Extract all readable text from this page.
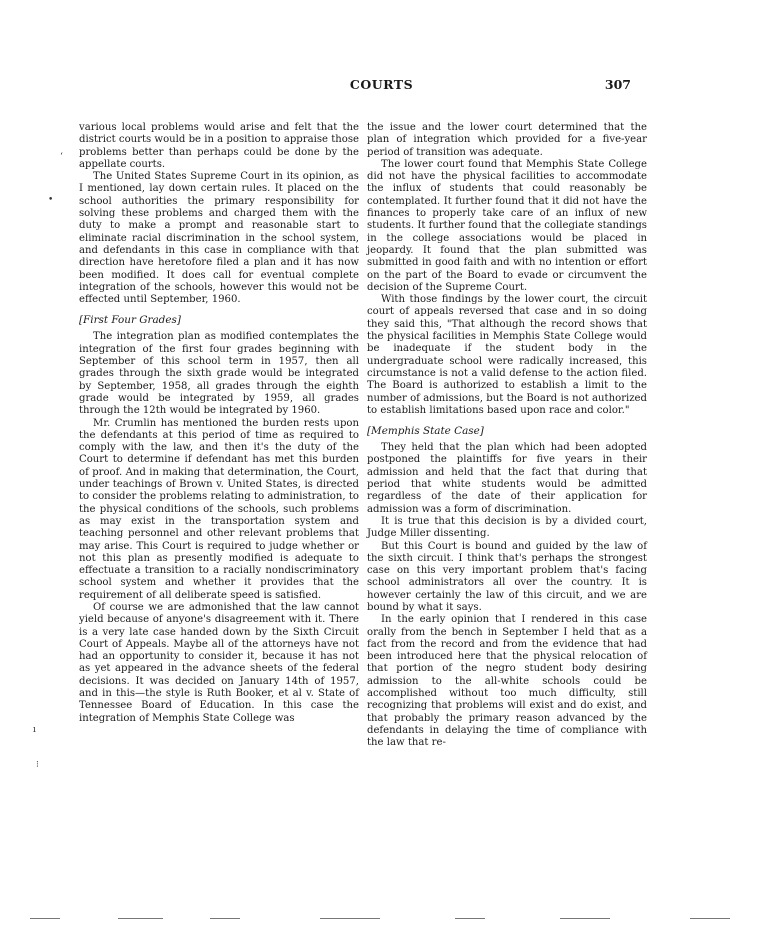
COURTS	307
‘
•
ı
⁝

various local problems would arise and felt that the district courts would be in a position to appraise those problems better than perhaps could be done by the appellate courts.

The United States Supreme Court in its opinion, as I mentioned, lay down certain rules. It placed on the school authorities the primary responsibility for solving these problems and charged them with the duty to make a prompt and reasonable start to eliminate racial discrimination in the school system, and defendants in this case in compliance with that direction have heretofore filed a plan and it has now been modified. It does call for eventual complete integration of the schools, however this would not be effected until September, 1960.

[First Four Grades]

The integration plan as modified contemplates the integration of the first four grades beginning with September of this school term in 1957, then all grades through the sixth grade would be integrated by September, 1958, all grades through the eighth grade would be integrated by 1959, all grades through the 12th would be integrated by 1960.

Mr. Crumlin has mentioned the burden rests upon the defendants at this period of time as required to comply with the law, and then it's the duty of the Court to determine if defendant has met this burden of proof. And in making that determination, the Court, under teachings of Brown v. United States, is directed to consider the problems relating to administration, to the physical conditions of the schools, such problems as may exist in the transportation system and teaching personnel and other relevant problems that may arise. This Court is required to judge whether or not this plan as presently modified is adequate to effectuate a transition to a racially nondiscriminatory school system and whether it provides that the requirement of all deliberate speed is satisfied.

Of course we are admonished that the law cannot yield because of anyone's disagreement with it. There is a very late case handed down by the Sixth Circuit Court of Appeals. Maybe all of the attorneys have not had an opportunity to consider it, because it has not as yet appeared in the advance sheets of the federal decisions. It was decided on January 14th of 1957, and in this—the style is Ruth Booker, et al v. State of Tennessee Board of Education. In this case the integration of Memphis State College was

the issue and the lower court determined that the plan of integration which provided for a five-year period of transition was adequate.

The lower court found that Memphis State College did not have the physical facilities to accommodate the influx of students that could reasonably be contemplated. It further found that it did not have the finances to properly take care of an influx of new students. It further found that the collegiate standings in the college associations would be placed in jeopardy. It found that the plan submitted was submitted in good faith and with no intention or effort on the part of the Board to evade or circumvent the decision of the Supreme Court.

With those findings by the lower court, the circuit court of appeals reversed that case and in so doing they said this, "That although the record shows that the physical facilities in Memphis State College would be inadequate if the student body in the undergraduate school were radically increased, this circumstance is not a valid defense to the action filed. The Board is authorized to establish a limit to the number of admissions, but the Board is not authorized to establish limitations based upon race and color."

[Memphis State Case]

They held that the plan which had been adopted postponed the plaintiffs for five years in their admission and held that the fact that during that period that white students would be admitted regardless of the date of their application for admission was a form of discrimination.

It is true that this decision is by a divided court, Judge Miller dissenting.

But this Court is bound and guided by the law of the sixth circuit. I think that's perhaps the strongest case on this very important problem that's facing school administrators all over the country. It is however certainly the law of this circuit, and we are bound by what it says.

In the early opinion that I rendered in this case orally from the bench in September I held that as a fact from the record and from the evidence that had been introduced here that the physical relocation of that portion of the negro student body desiring admission to the all-white schools could be accomplished without too much difficulty, still recognizing that problems will exist and do exist, and that probably the primary reason advanced by the defendants in delaying the time of compliance with the law that re-
